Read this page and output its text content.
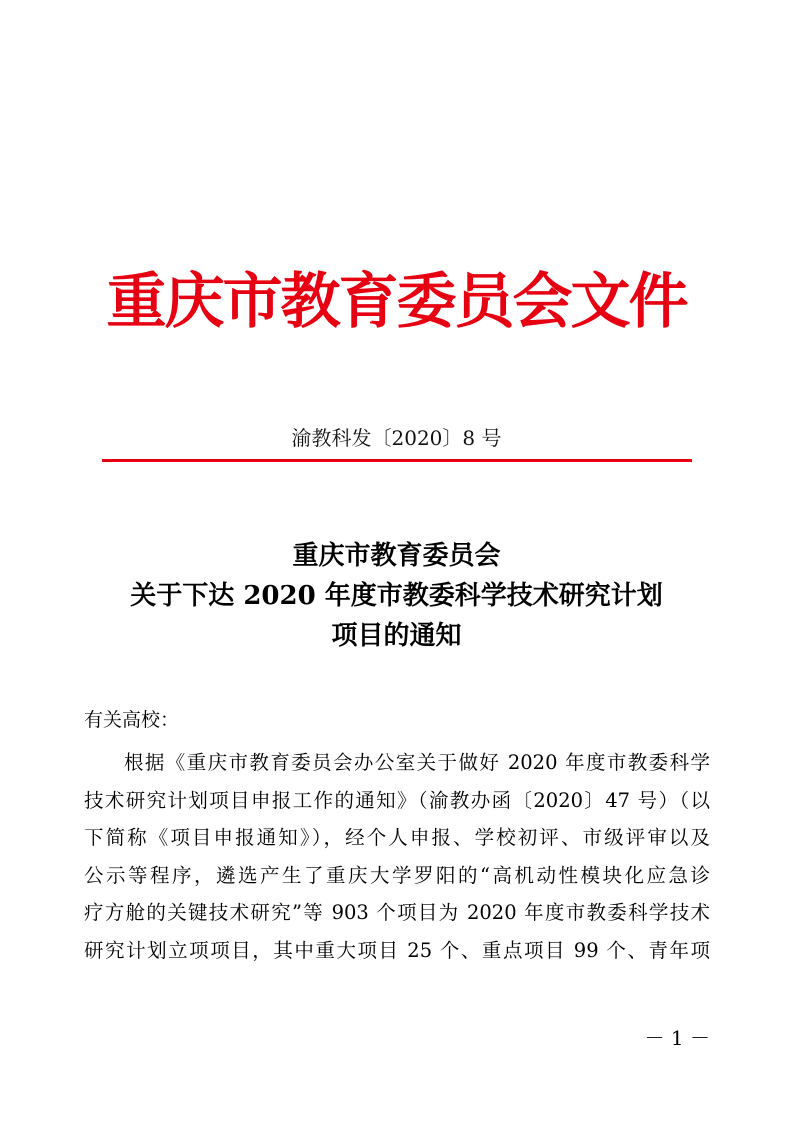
重庆市教育委员会文件
渝教科发〔2020〕8 号
重庆市教育委员会
关于下达 2020 年度市教委科学技术研究计划
项目的通知
有关高校：
根据《重庆市教育委员会办公室关于做好 2020 年度市教委科学
技术研究计划项目申报工作的通知》（渝教办函〔2020〕47 号）（以
下简称《项目申报通知》），经个人申报、学校初评、市级评审以及
公示等程序，遴选产生了重庆大学罗阳的“高机动性模块化应急诊
疗方舱的关键技术研究”等 903 个项目为 2020 年度市教委科学技术
研究计划立项项目，其中重大项目 25 个、重点项目 99 个、青年项
－ 1 －
